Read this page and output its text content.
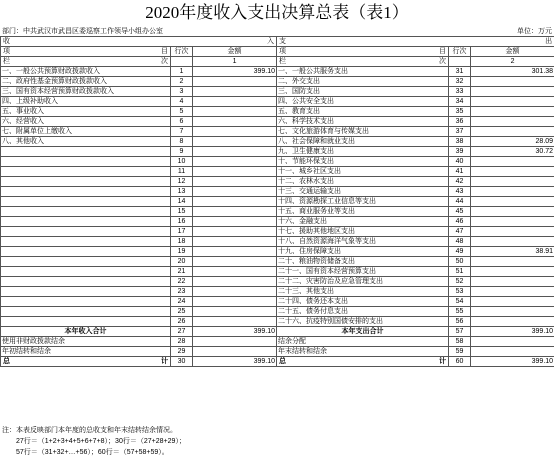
2020年度收入支出决算总表（表1）
部门：中共武汉市武昌区委巡察工作领导小组办公室	单位：万元
收 入			支 出		

项 目	行次	金额	项 目	行次	金额

栏 次		1	栏 次		2
一、一般公共预算财政拨款收入	1	399.10	一、一般公共服务支出	31	301.38
二、政府性基金预算财政拨款收入	2		二、外交支出	32	
三、国有资本经营预算财政拨款收入	3		三、国防支出	33	
四、上级补助收入	4		四、公共安全支出	34	
五、事业收入	5		五、教育支出	35	
六、经营收入	6		六、科学技术支出	36	
七、附属单位上缴收入	7		七、文化旅游体育与传媒支出	37	
八、其他收入	8		八、社会保障和就业支出	38	28.09
	9		九、卫生健康支出	39	30.72
	10		十、节能环保支出	40	
	11		十一、城乡社区支出	41	
	12		十二、农林水支出	42	
	13		十三、交通运输支出	43	
	14		十四、资源勘探工业信息等支出	44	
	15		十五、商业服务业等支出	45	
	16		十六、金融支出	46	
	17		十七、援助其他地区支出	47	
	18		十八、自然资源海洋气象等支出	48	
	19		十九、住房保障支出	49	38.91
	20		二十、粮油物资储备支出	50	
	21		二十一、国有资本经营预算支出	51	
	22		二十二、灾害防治及应急管理支出	52	
	23		二十三、其他支出	53	
	24		二十四、债务还本支出	54	
	25		二十五、债务付息支出	55	
	26		二十六、抗疫特别国债安排的支出	56	
本年收入合计	27	399.10	本年支出合计	57	399.10
使用非财政拨款结余	28		结余分配	58	
年初结转和结余	29		年末结转和结余	59	

总 计	30	399.10	总 计	60	399.10
注：本表反映部门本年度的总收支和年末结转结余情况。
27行＝（1+2+3+4+5+6+7+8）；30行＝（27+28+29）；
57行＝（31+32+…+56）；60行＝（57+58+59）。
